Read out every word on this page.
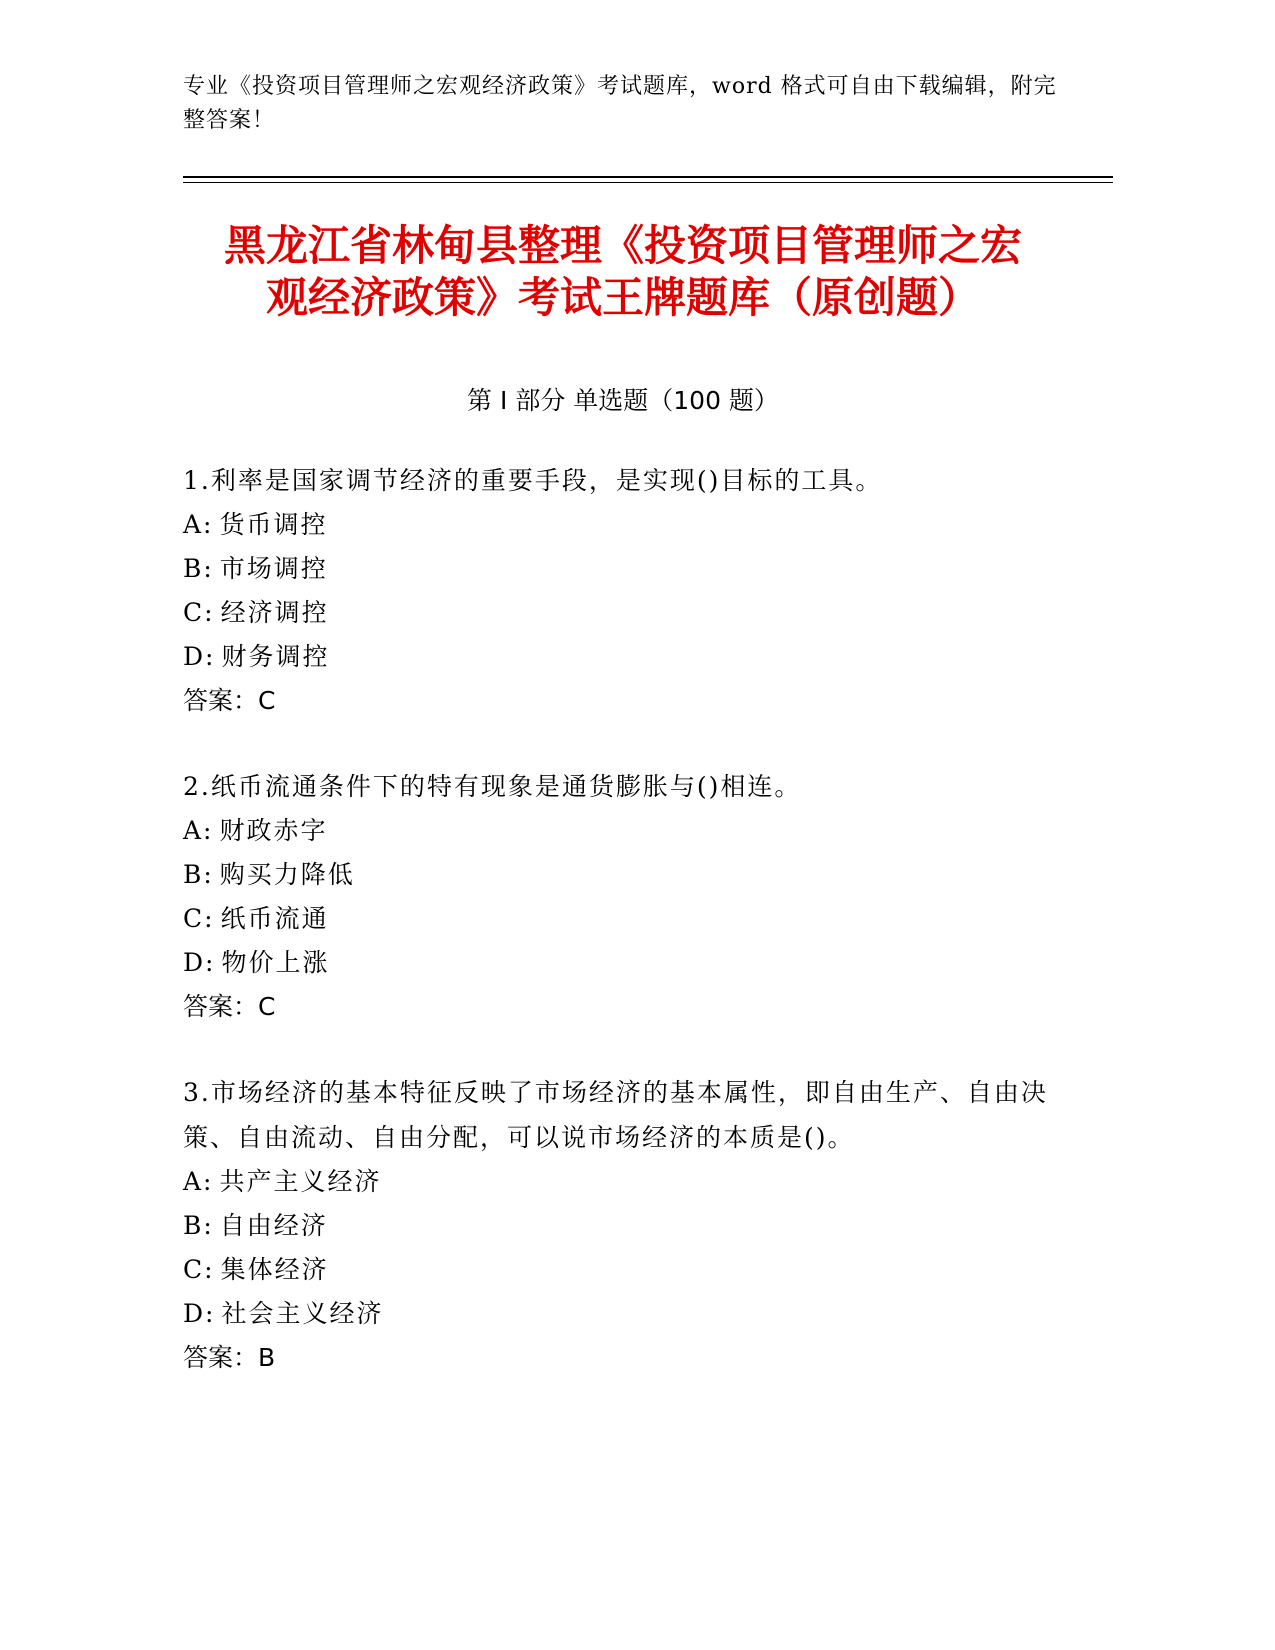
专业《投资项目管理师之宏观经济政策》考试题库，word 格式可自由下载编辑，附完整答案！
黑龙江省林甸县整理《投资项目管理师之宏
观经济政策》考试王牌题库（原创题）
第 I 部分 单选题（100 题）
1.利率是国家调节经济的重要手段，是实现()目标的工具。
A: 货币调控
B: 市场调控
C: 经济调控
D: 财务调控
答案：C
2.纸币流通条件下的特有现象是通货膨胀与()相连。
A: 财政赤字
B: 购买力降低
C: 纸币流通
D: 物价上涨
答案：C
3.市场经济的基本特征反映了市场经济的基本属性，即自由生产、自由决策、自由流动、自由分配，可以说市场经济的本质是()。
A: 共产主义经济
B: 自由经济
C: 集体经济
D: 社会主义经济
答案：B
